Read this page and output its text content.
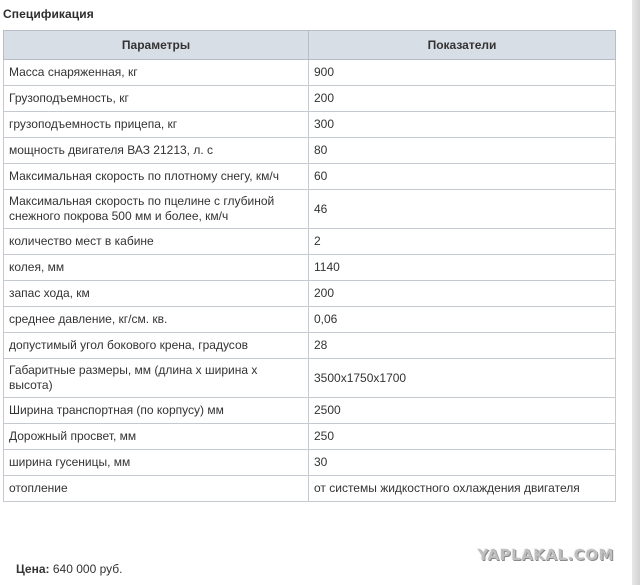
Спецификация
Параметры	Показатели
Масса снаряженная, кг	900
Грузоподъемность, кг	200
грузоподъемность прицепа, кг	300
мощность двигателя ВАЗ 21213, л. с	80
Максимальная скорость по плотному снегу, км/ч	60
Максимальная скорость по пцелине с глубиной снежного покрова 500 мм и более, км/ч	46
количество мест в кабине	2
колея, мм	1140
запас хода, км	200
среднее давление, кг/см. кв.	0,06
допустимый угол бокового крена, градусов	28
Габаритные размеры, мм (длина х ширина х высота)	3500х1750х1700
Ширина транспортная (по корпусу) мм	2500
Дорожный просвет, мм	250
ширина гусеницы, мм	30
отопление	от системы жидкостного охлаждения двигателя
YAPLAKAL.COM
Цена: 640 000 руб.
